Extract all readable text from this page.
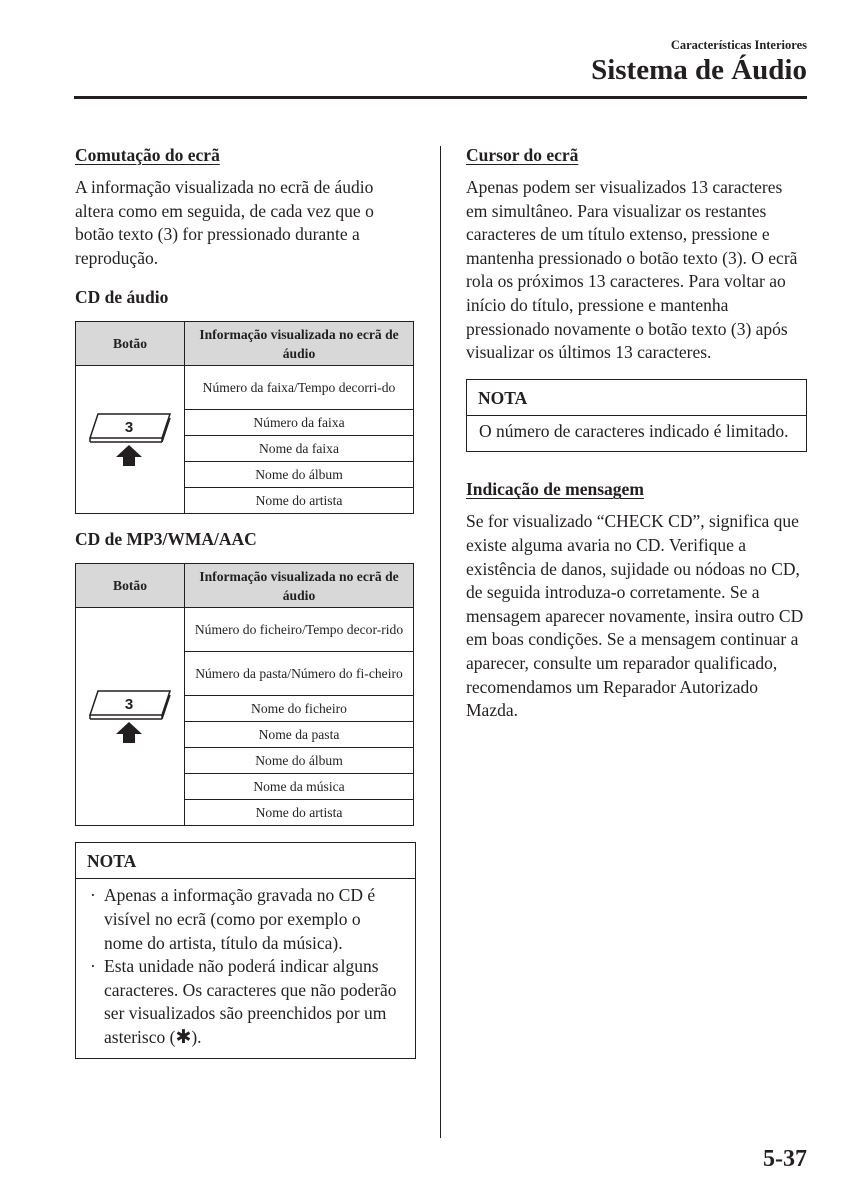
Características Interiores
Sistema de Áudio

Comutação do ecrã

A informação visualizada no ecrã de áudio altera como em seguida, de cada vez que o botão texto (3) for pressionado durante a reprodução.

CD de áudio

Botão	Informação visualizada no ecrã de áudio

3	Número da faixa/Tempo decorri-do
	Número da faixa
	Nome da faixa
	Nome do álbum
	Nome do artista

CD de MP3/WMA/AAC

Botão	Informação visualizada no ecrã de áudio

3	Número do ficheiro/Tempo decor-rido
	Número da pasta/Número do fi-cheiro
	Nome do ficheiro
	Nome da pasta
	Nome do álbum
	Nome da música
	Nome do artista
NOTA
· Apenas a informação gravada no CD é visível no ecrã (como por exemplo o nome do artista, título da música).
· Esta unidade não poderá indicar alguns caracteres. Os caracteres que não poderão ser visualizados são preenchidos por um asterisco (✱).

Cursor do ecrã

Apenas podem ser visualizados 13 caracteres em simultâneo. Para visualizar os restantes caracteres de um título extenso, pressione e mantenha pressionado o botão texto (3). O ecrã rola os próximos 13 caracteres. Para voltar ao início do título, pressione e mantenha pressionado novamente o botão texto (3) após visualizar os últimos 13 caracteres.

NOTA
O número de caracteres indicado é limitado.

Indicação de mensagem

Se for visualizado “CHECK CD”, significa que existe alguma avaria no CD. Verifique a existência de danos, sujidade ou nódoas no CD, de seguida introduza-o corretamente. Se a mensagem aparecer novamente, insira outro CD em boas condições. Se a mensagem continuar a aparecer, consulte um reparador qualificado, recomendamos um Reparador Autorizado Mazda.

5-37
